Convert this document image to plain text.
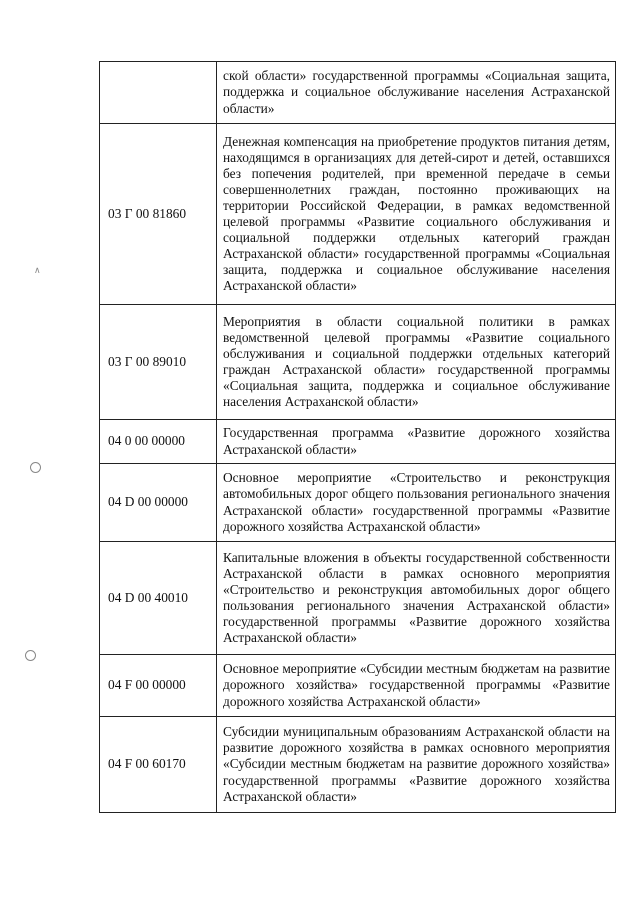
∧

	ской области» государственной программы «Социальная защита, поддержка и социальное обслуживание населения Астраханской области»

03 Г 00 81860	Денежная компенсация на приобретение продуктов питания детям, находящимся в организациях для детей-сирот и детей, оставшихся без попечения родителей, при временной передаче в семьи совершеннолетних граждан, постоянно проживающих на территории Российской Федерации, в рамках ведомственной целевой программы «Развитие социального обслуживания и социальной поддержки отдельных категорий граждан Астраханской области» государственной программы «Социальная защита, поддержка и социальное обслуживание населения Астраханской области»

03 Г 00 89010	Мероприятия в области социальной политики в рамках ведомственной целевой программы «Развитие социального обслуживания и социальной поддержки отдельных категорий граждан Астраханской области» государственной программы «Социальная защита, поддержка и социальное обслуживание населения Астраханской области»

04 0 00 00000	Государственная программа «Развитие дорожного хозяйства Астраханской области»

04 D 00 00000	Основное мероприятие «Строительство и реконструкция автомобильных дорог общего пользования регионального значения Астраханской области» государственной программы «Развитие дорожного хозяйства Астраханской области»

04 D 00 40010	Капитальные вложения в объекты государственной собственности Астраханской области в рамках основного мероприятия «Строительство и реконструкция автомобильных дорог общего пользования регионального значения Астраханской области» государственной программы «Развитие дорожного хозяйства Астраханской области»

04 F 00 00000	Основное мероприятие «Субсидии местным бюджетам на развитие дорожного хозяйства» государственной программы «Развитие дорожного хозяйства Астраханской области»

04 F 00 60170	Субсидии муниципальным образованиям Астраханской области на развитие дорожного хозяйства в рамках основного мероприятия «Субсидии местным бюджетам на развитие дорожного хозяйства» государственной программы «Развитие дорожного хозяйства Астраханской области»
